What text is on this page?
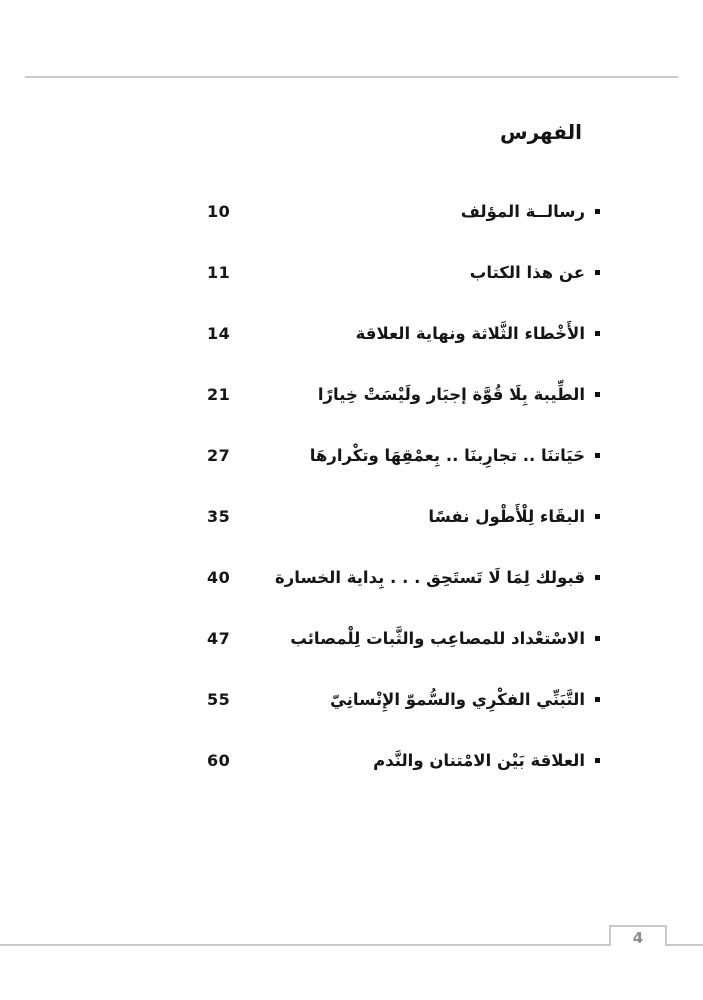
الفهرس
10	رسالــة المؤلف
11	عن هذا الكتاب
14	الأَخْطاء الثَّلاثة ونهاية العلاقة
21	الطِّيبة بِلَا قُوَّة إجبَار ولَيْسَتْ خِيارًا
27	حَيَاتنَا .. تجارِبنَا .. بِعمْقِهَا وتكْرارهَا
35	البقَاء لِلْأَطْول نفسًا
40	قبولك لِمَا لَا تَستَحِق . . . بِداية الخسارة
47	الاسْتعْداد للمصاعِب والثَّبات لِلْمصائب
55	التَّبَنِّي الفكْرِي والسُّموّ الإِنْسانِيّ
60	العلاقة بَيْن الامْتنان والنَّدم
4
